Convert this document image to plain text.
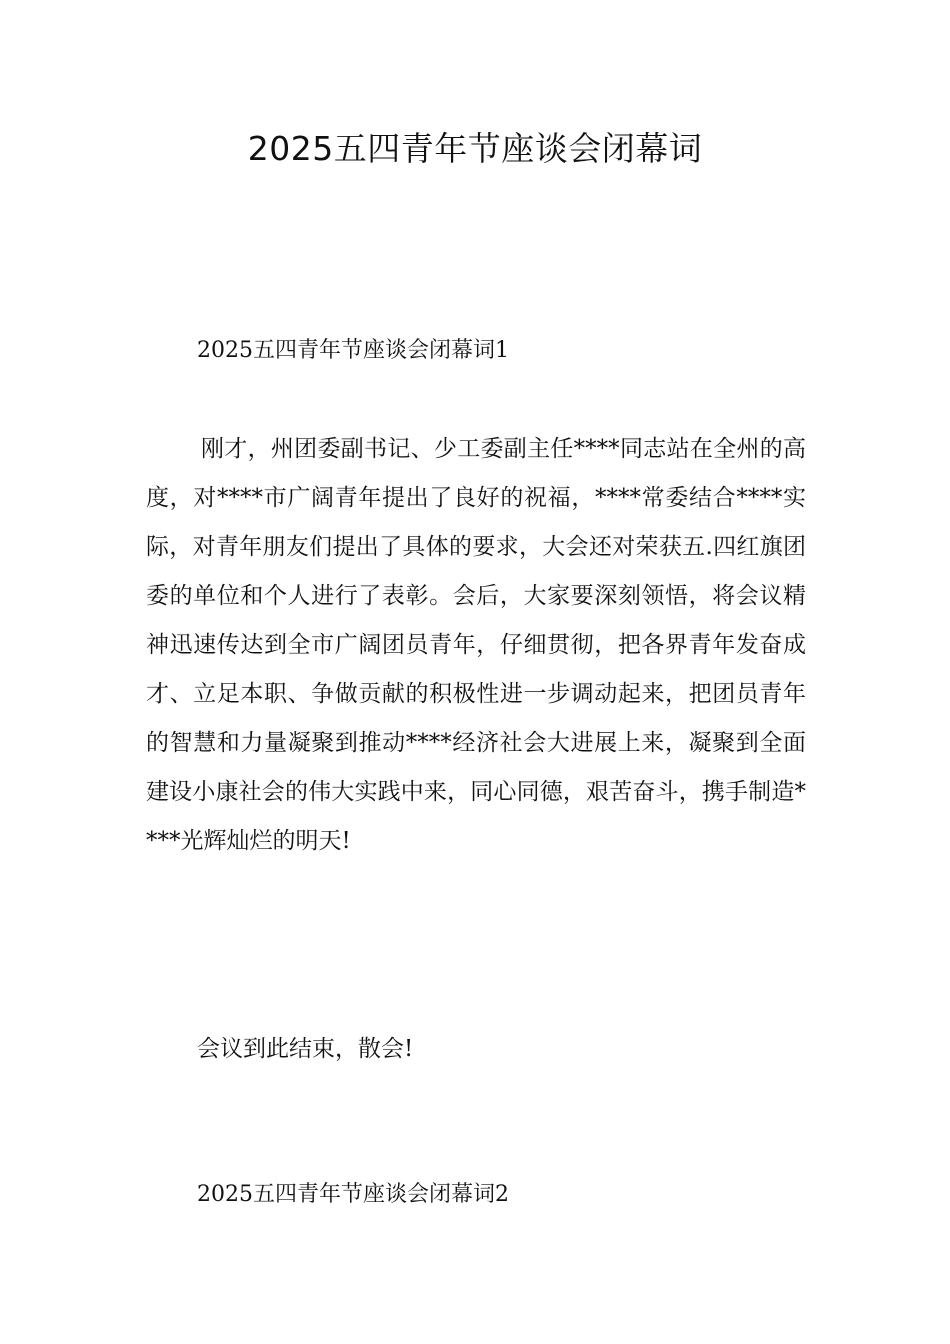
2025五四青年节座谈会闭幕词
2025五四青年节座谈会闭幕词1

刚才，州团委副书记、少工委副主任****同志站在全州的高度，对****市广阔青年提出了良好的祝福，****常委结合****实际，对青年朋友们提出了具体的要求，大会还对荣获五.四红旗团委的单位和个人进行了表彰。会后，大家要深刻领悟，将会议精神迅速传达到全市广阔团员青年，仔细贯彻，把各界青年发奋成才、立足本职、争做贡献的积极性进一步调动起来，把团员青年的智慧和力量凝聚到推动****经济社会大进展上来，凝聚到全面建设小康社会的伟大实践中来，同心同德，艰苦奋斗，携手制造****光辉灿烂的明天!

会议到此结束，散会!

2025五四青年节座谈会闭幕词2
